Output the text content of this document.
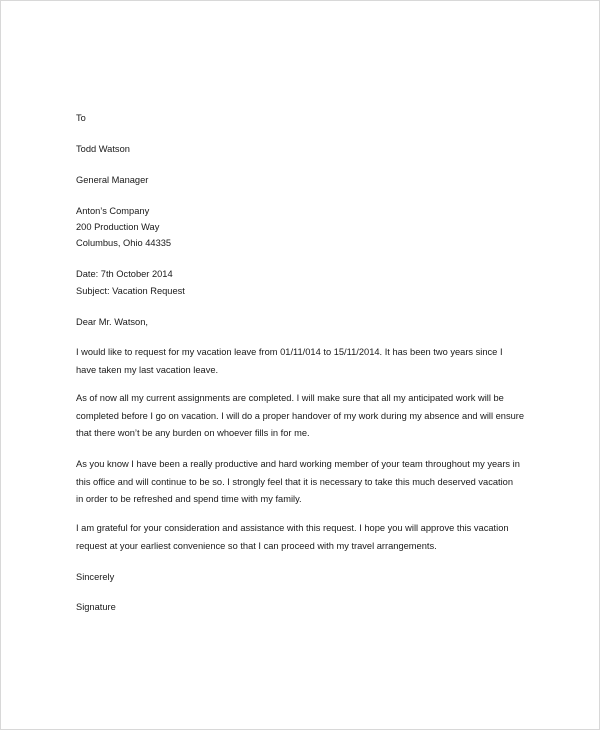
To
Todd Watson
General Manager
Anton’s Company
200 Production Way
Columbus, Ohio 44335
Date: 7th October 2014
Subject: Vacation Request
Dear Mr. Watson,
I would like to request for my vacation leave from 01/11/014 to 15/11/2014. It has been two years since I
have taken my last vacation leave.
As of now all my current assignments are completed. I will make sure that all my anticipated work will be
completed before I go on vacation. I will do a proper handover of my work during my absence and will ensure
that there won’t be any burden on whoever fills in for me.
As you know I have been a really productive and hard working member of your team throughout my years in
this office and will continue to be so. I strongly feel that it is necessary to take this much deserved vacation
in order to be refreshed and spend time with my family.
I am grateful for your consideration and assistance with this request. I hope you will approve this vacation
request at your earliest convenience so that I can proceed with my travel arrangements.
Sincerely
Signature
